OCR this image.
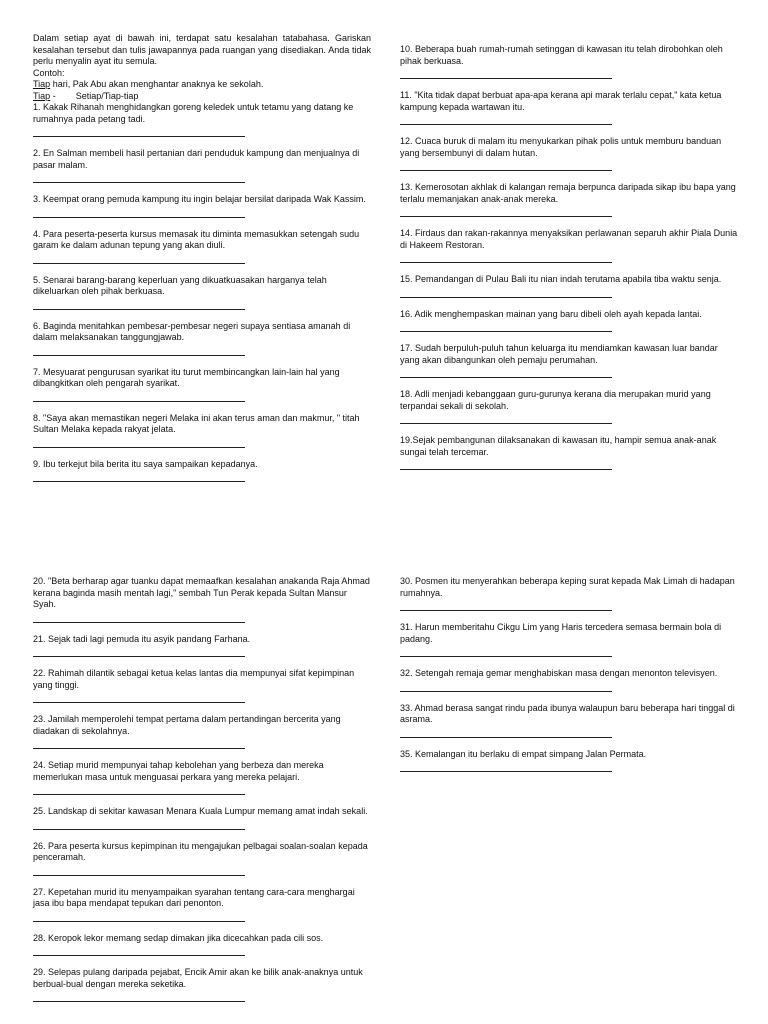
Dalam setiap ayat di bawah ini, terdapat satu kesalahan tatabahasa. Gariskan kesalahan tersebut dan tulis jawapannya pada ruangan yang disediakan. Anda tidak perlu menyalin ayat itu semula.
Contoh:
Tiap hari, Pak Abu akan menghantar anaknya ke sekolah.
Tiap - Setiap/Tiap-tiap
1. Kakak Rihanah menghidangkan goreng keledek untuk tetamu yang datang ke rumahnya pada petang tadi.
2. En Salman membeli hasil pertanian dari penduduk kampung dan menjualnya di pasar malam.
3. Keempat orang pemuda kampung itu ingin belajar bersilat daripada Wak Kassim.
4. Para peserta-peserta kursus memasak itu diminta memasukkan setengah sudu garam ke dalam adunan tepung yang akan diuli.
5. Senarai barang-barang keperluan yang dikuatkuasakan harganya telah dikeluarkan oleh pihak berkuasa.
6. Baginda menitahkan pembesar-pembesar negeri supaya sentiasa amanah di dalam melaksanakan tanggungjawab.
7. Mesyuarat pengurusan syarikat itu turut membincangkan lain-lain hal yang dibangkitkan oleh pengarah syarikat.
8. "Saya akan memastikan negeri Melaka ini akan terus aman dan makmur, " titah Sultan Melaka kepada rakyat jelata.
9. Ibu terkejut bila berita itu saya sampaikan kepadanya.
10. Beberapa buah rumah-rumah setinggan di kawasan itu telah dirobohkan oleh pihak berkuasa.
11. "Kita tidak dapat berbuat apa-apa kerana api marak terlalu cepat," kata ketua kampung kepada wartawan itu.
12. Cuaca buruk di malam itu menyukarkan pihak polis untuk memburu banduan yang bersembunyi di dalam hutan.
13. Kemerosotan akhlak di kalangan remaja berpunca daripada sikap ibu bapa yang terlalu memanjakan anak-anak mereka.
14. Firdaus dan rakan-rakannya menyaksikan perlawanan separuh akhir Piala Dunia di Hakeem Restoran.
15. Pemandangan di Pulau Bali itu nian indah terutama apabila tiba waktu senja.
16. Adik menghempaskan mainan yang baru dibeli oleh ayah kepada lantai.
17. Sudah berpuluh-puluh tahun keluarga itu mendiamkan kawasan luar bandar yang akan dibangunkan oleh pemaju perumahan.
18. Adli menjadi kebanggaan guru-gurunya kerana dia merupakan murid yang terpandai sekali di sekolah.
19.Sejak pembangunan dilaksanakan di kawasan itu, hampir semua anak-anak sungai telah tercemar.
20. "Beta berharap agar tuanku dapat memaafkan kesalahan anakanda Raja Ahmad kerana baginda masih mentah lagi," sembah Tun Perak kepada Sultan Mansur Syah.
21. Sejak tadi lagi pemuda itu asyik pandang Farhana.
22. Rahimah dilantik sebagai ketua kelas lantas dia mempunyai sifat kepimpinan yang tinggi.
23. Jamilah memperolehi tempat pertama dalam pertandingan bercerita yang diadakan di sekolahnya.
24. Setiap murid mempunyai tahap kebolehan yang berbeza dan mereka memerlukan masa untuk menguasai perkara yang mereka pelajari.
25. Landskap di sekitar kawasan Menara Kuala Lumpur memang amat indah sekali.
26. Para peserta kursus kepimpinan itu mengajukan pelbagai soalan-soalan kepada penceramah.
27. Kepetahan murid itu menyampaikan syarahan tentang cara-cara menghargai jasa ibu bapa mendapat tepukan dari penonton.
28. Keropok lekor memang sedap dimakan jika dicecahkan pada cili sos.
29. Selepas pulang daripada pejabat, Encik Amir akan ke bilik anak-anaknya untuk berbual-bual dengan mereka seketika.
30. Posmen itu menyerahkan beberapa keping surat kepada Mak Limah di hadapan rumahnya.
31. Harun memberitahu Cikgu Lim yang Haris tercedera semasa bermain bola di padang.
32. Setengah remaja gemar menghabiskan masa dengan menonton televisyen.
33. Ahmad berasa sangat rindu pada ibunya walaupun baru beberapa hari tinggal di asrama.
35. Kemalangan itu berlaku di empat simpang Jalan Permata.
